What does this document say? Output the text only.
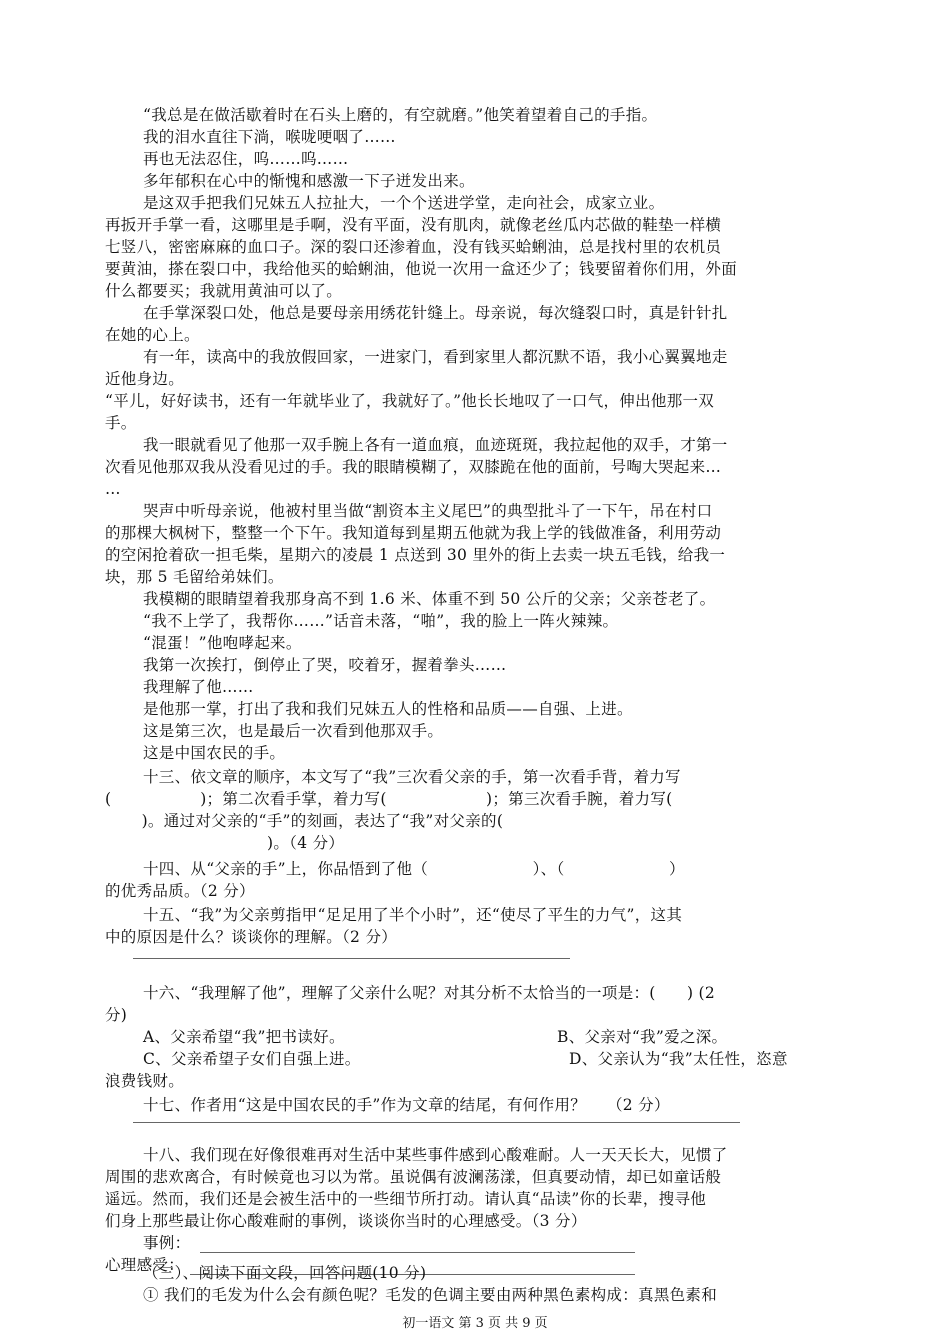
“我总是在做活歇着时在石头上磨的，有空就磨。”他笑着望着自己的手指。
我的泪水直往下淌，喉咙哽咽了……
再也无法忍住，呜……呜……
多年郁积在心中的惭愧和感激一下子迸发出来。
是这双手把我们兄妹五人拉扯大，一个个送进学堂，走向社会，成家立业。
再扳开手掌一看，这哪里是手啊，没有平面，没有肌肉，就像老丝瓜内芯做的鞋垫一样横
七竖八，密密麻麻的血口子。深的裂口还渗着血，没有钱买蛤蜊油，总是找村里的农机员
要黄油，搽在裂口中，我给他买的蛤蜊油，他说一次用一盒还少了；钱要留着你们用，外面
什么都要买；我就用黄油可以了。
在手掌深裂口处，他总是要母亲用绣花针缝上。母亲说，每次缝裂口时，真是针针扎
在她的心上。
有一年，读高中的我放假回家，一进家门，看到家里人都沉默不语，我小心翼翼地走
近他身边。
“平儿，好好读书，还有一年就毕业了，我就好了。”他长长地叹了一口气，伸出他那一双
手。
我一眼就看见了他那一双手腕上各有一道血痕，血迹斑斑，我拉起他的双手，才第一
次看见他那双我从没看见过的手。我的眼睛模糊了，双膝跪在他的面前，号啕大哭起来…
…
哭声中听母亲说，他被村里当做“割资本主义尾巴”的典型批斗了一下午，吊在村口
的那棵大枫树下，整整一个下午。我知道每到星期五他就为我上学的钱做准备，利用劳动
的空闲抢着砍一担毛柴，星期六的凌晨 1 点送到 30 里外的街上去卖一块五毛钱，给我一
块，那 5 毛留给弟妹们。
我模糊的眼睛望着我那身高不到 1.6 米、体重不到 50 公斤的父亲；父亲苍老了。
“我不上学了，我帮你……”话音未落，“啪”，我的脸上一阵火辣辣。
“混蛋！”他咆哮起来。
我第一次挨打，倒停止了哭，咬着牙，握着拳头……
我理解了他……
是他那一掌，打出了我和我们兄妹五人的性格和品质——自强、上进。
这是第三次，也是最后一次看到他那双手。
这是中国农民的手。
十三、依文章的顺序，本文写了“我”三次看父亲的手，第一次看手背，着力写
(                 )；第二次看手掌，着力写(                   )；第三次看手腕，着力写(
)。通过对父亲的“手”的刻画，表达了“我”对父亲的(
)。（4 分）
十四、从“父亲的手”上，你品悟到了他（                    ）、（                    ）
的优秀品质。（2 分）
十五、“我”为父亲剪指甲“足足用了半个小时”，还“使尽了平生的力气”，这其
中的原因是什么？谈谈你的理解。（2 分）
十六、“我理解了他”，理解了父亲什么呢？对其分析不太恰当的一项是：(      ) (2
分)
A、父亲希望“我”把书读好。	B、父亲对“我”爱之深。
C、父亲希望子女们自强上进。	D、父亲认为“我”太任性，恣意
浪费钱财。
十七、作者用“这是中国农民的手”作为文章的结尾，有何作用？    （2 分）
十八、我们现在好像很难再对生活中某些事件感到心酸难耐。人一天天长大，见惯了
周围的悲欢离合，有时候竟也习以为常。虽说偶有波澜荡漾，但真要动情，却已如童话般
遥远。然而，我们还是会被生活中的一些细节所打动。请认真“品读”你的长辈，搜寻他
们身上那些最让你心酸难耐的事例，谈谈你当时的心理感受。（3 分）
事例：
心理感受：
（三）、阅读下面文段，回答问题(10 分)
① 我们的毛发为什么会有颜色呢？毛发的色调主要由两种黑色素构成：真黑色素和
初一语文 第 3 页 共 9 页
